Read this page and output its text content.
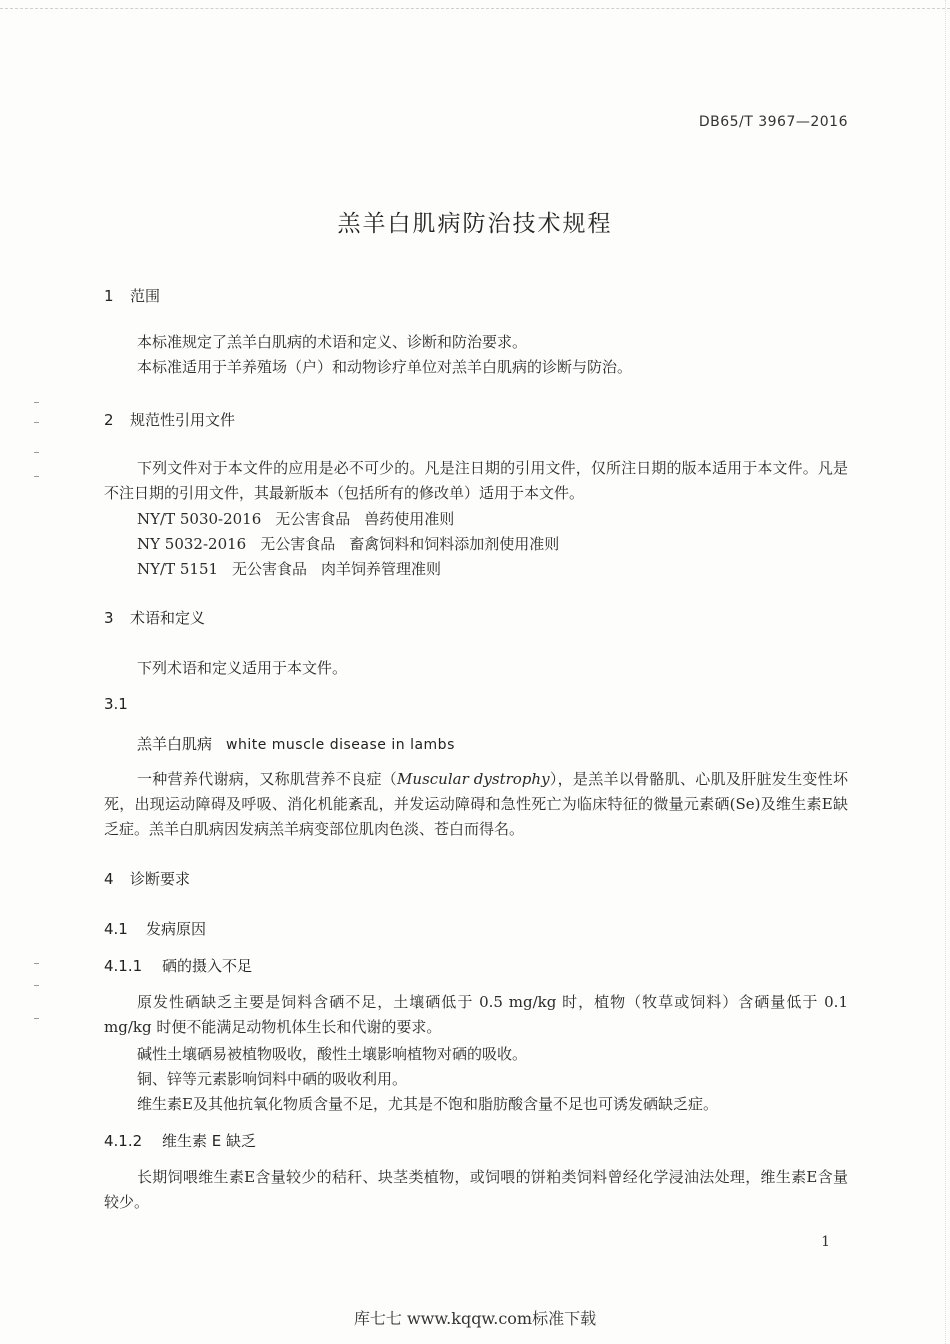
DB65/T 3967—2016
羔羊白肌病防治技术规程
1 范围
本标准规定了羔羊白肌病的术语和定义、诊断和防治要求。
本标准适用于羊养殖场（户）和动物诊疗单位对羔羊白肌病的诊断与防治。
2 规范性引用文件
下列文件对于本文件的应用是必不可少的。凡是注日期的引用文件，仅所注日期的版本适用于本文件。凡是不注日期的引用文件，其最新版本（包括所有的修改单）适用于本文件。
NY/T 5030-2016 无公害食品 兽药使用准则
NY 5032-2016 无公害食品 畜禽饲料和饲料添加剂使用准则
NY/T 5151 无公害食品 肉羊饲养管理准则
3 术语和定义
下列术语和定义适用于本文件。
3.1
羔羊白肌病 white muscle disease in lambs
一种营养代谢病，又称肌营养不良症（Muscular dystrophy），是羔羊以骨骼肌、心肌及肝脏发生变性坏死，出现运动障碍及呼吸、消化机能紊乱，并发运动障碍和急性死亡为临床特征的微量元素硒(Se)及维生素E缺乏症。羔羊白肌病因发病羔羊病变部位肌肉色淡、苍白而得名。
4 诊断要求
4.1 发病原因
4.1.1 硒的摄入不足
原发性硒缺乏主要是饲料含硒不足，土壤硒低于 0.5 mg/kg 时，植物（牧草或饲料）含硒量低于 0.1 mg/kg 时便不能满足动物机体生长和代谢的要求。
碱性土壤硒易被植物吸收，酸性土壤影响植物对硒的吸收。
铜、锌等元素影响饲料中硒的吸收利用。
维生素E及其他抗氧化物质含量不足，尤其是不饱和脂肪酸含量不足也可诱发硒缺乏症。
4.1.2 维生素 E 缺乏
长期饲喂维生素E含量较少的秸秆、块茎类植物，或饲喂的饼粕类饲料曾经化学浸油法处理，维生素E含量较少。
1
库七七 www.kqqw.com标准下载
